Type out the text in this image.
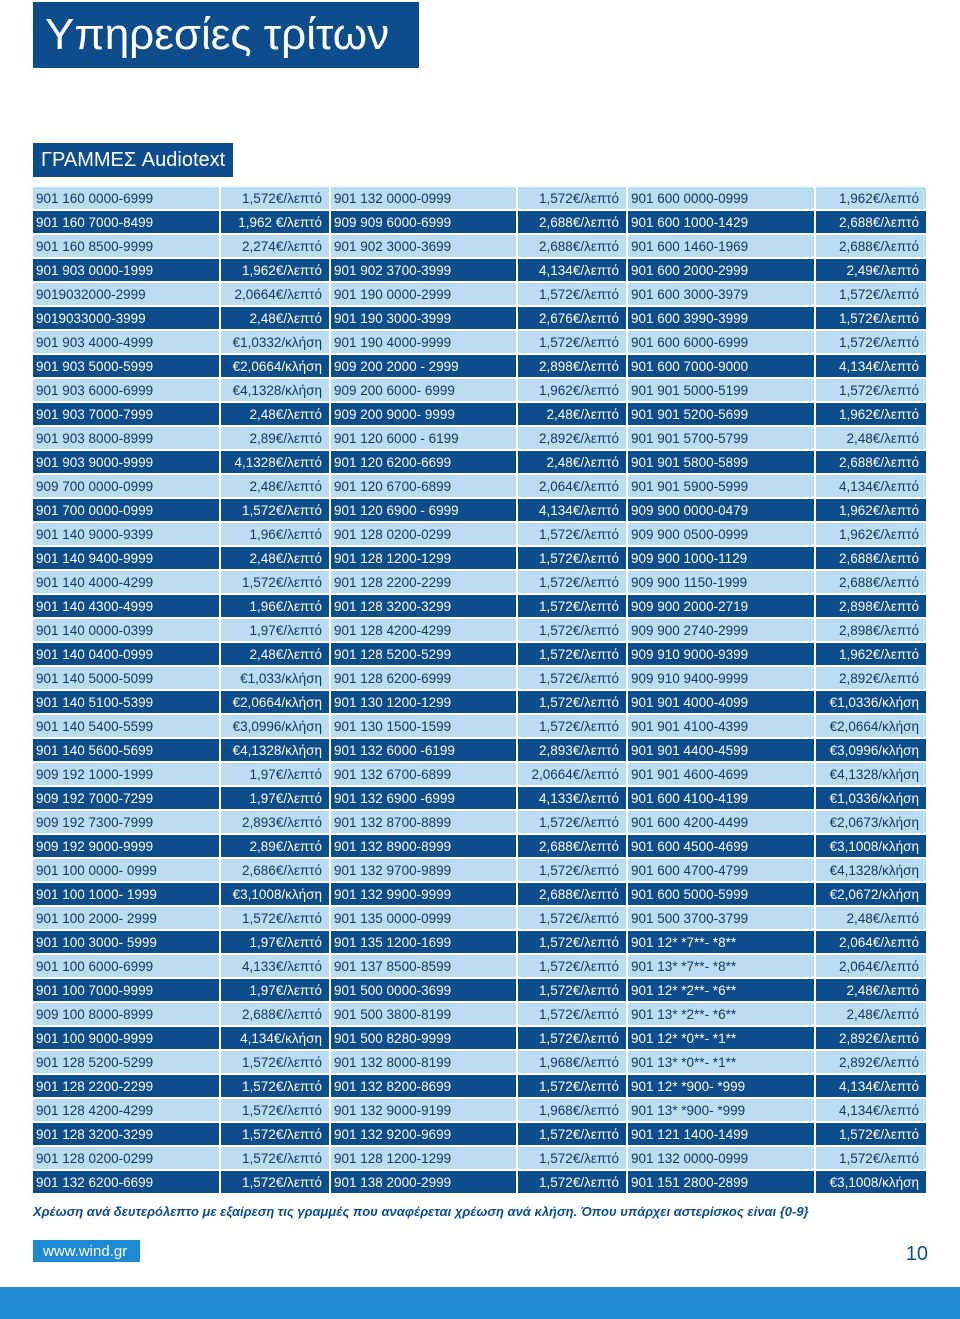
Υπηρεσίες τρίτων
ΓΡΑΜΜΕΣ Audiotext
901 160 0000-6999	1,572€/λεπτό	901 132 0000-0999	1,572€/λεπτό	901 600 0000-0999	1,962€/λεπτό
901 160 7000-8499	1,962 €/λεπτό	909 909 6000-6999	2,688€/λεπτό	901 600 1000-1429	2,688€/λεπτό
901 160 8500-9999	2,274€/λεπτό	901 902 3000-3699	2,688€/λεπτό	901 600 1460-1969	2,688€/λεπτό
901 903 0000-1999	1,962€/λεπτό	901 902 3700-3999	4,134€/λεπτό	901 600 2000-2999	2,49€/λεπτό
9019032000-2999	2,0664€/λεπτό	901 190 0000-2999	1,572€/λεπτό	901 600 3000-3979	1,572€/λεπτό
9019033000-3999	2,48€/λεπτό	901 190 3000-3999	2,676€/λεπτό	901 600 3990-3999	1,572€/λεπτό
901 903 4000-4999	€1,0332/κλήση	901 190 4000-9999	1,572€/λεπτό	901 600 6000-6999	1,572€/λεπτό
901 903 5000-5999	€2,0664/κλήση	909 200 2000 - 2999	2,898€/λεπτό	901 600 7000-9000	4,134€/λεπτό
901 903 6000-6999	€4,1328/κλήση	909 200 6000- 6999	1,962€/λεπτό	901 901 5000-5199	1,572€/λεπτό
901 903 7000-7999	2,48€/λεπτό	909 200 9000- 9999	2,48€/λεπτό	901 901 5200-5699	1,962€/λεπτό
901 903 8000-8999	2,89€/λεπτό	901 120 6000 - 6199	2,892€/λεπτό	901 901 5700-5799	2,48€/λεπτό
901 903 9000-9999	4,1328€/λεπτό	901 120 6200-6699	2,48€/λεπτό	901 901 5800-5899	2,688€/λεπτό
909 700 0000-0999	2,48€/λεπτό	901 120 6700-6899	2,064€/λεπτό	901 901 5900-5999	4,134€/λεπτό
901 700 0000-0999	1,572€/λεπτό	901 120 6900 - 6999	4,134€/λεπτό	909 900 0000-0479	1,962€/λεπτό
901 140 9000-9399	1,96€/λεπτό	901 128 0200-0299	1,572€/λεπτό	909 900 0500-0999	1,962€/λεπτό
901 140 9400-9999	2,48€/λεπτό	901 128 1200-1299	1,572€/λεπτό	909 900 1000-1129	2,688€/λεπτό
901 140 4000-4299	1,572€/λεπτό	901 128 2200-2299	1,572€/λεπτό	909 900 1150-1999	2,688€/λεπτό
901 140 4300-4999	1,96€/λεπτό	901 128 3200-3299	1,572€/λεπτό	909 900 2000-2719	2,898€/λεπτό
901 140 0000-0399	1,97€/λεπτό	901 128 4200-4299	1,572€/λεπτό	909 900 2740-2999	2,898€/λεπτό
901 140 0400-0999	2,48€/λεπτό	901 128 5200-5299	1,572€/λεπτό	909 910 9000-9399	1,962€/λεπτό
901 140 5000-5099	€1,033/κλήση	901 128 6200-6999	1,572€/λεπτό	909 910 9400-9999	2,892€/λεπτό
901 140 5100-5399	€2,0664/κλήση	901 130 1200-1299	1,572€/λεπτό	901 901 4000-4099	€1,0336/κλήση
901 140 5400-5599	€3,0996/κλήση	901 130 1500-1599	1,572€/λεπτό	901 901 4100-4399	€2,0664/κλήση
901 140 5600-5699	€4,1328/κλήση	901 132 6000 -6199	2,893€/λεπτό	901 901 4400-4599	€3,0996/κλήση
909 192 1000-1999	1,97€/λεπτό	901 132 6700-6899	2,0664€/λεπτό	901 901 4600-4699	€4,1328/κλήση
909 192 7000-7299	1,97€/λεπτό	901 132 6900 -6999	4,133€/λεπτό	901 600 4100-4199	€1,0336/κλήση
909 192 7300-7999	2,893€/λεπτό	901 132 8700-8899	1,572€/λεπτό	901 600 4200-4499	€2,0673/κλήση
909 192 9000-9999	2,89€/λεπτό	901 132 8900-8999	2,688€/λεπτό	901 600 4500-4699	€3,1008/κλήση
901 100 0000- 0999	2,686€/λεπτό	901 132 9700-9899	1,572€/λεπτό	901 600 4700-4799	€4,1328/κλήση
901 100 1000- 1999	€3,1008/κλήση	901 132 9900-9999	2,688€/λεπτό	901 600 5000-5999	€2,0672/κλήση
901 100 2000- 2999	1,572€/λεπτό	901 135 0000-0999	1,572€/λεπτό	901 500 3700-3799	2,48€/λεπτό
901 100 3000- 5999	1,97€/λεπτό	901 135 1200-1699	1,572€/λεπτό	901 12* *7**- *8**	2,064€/λεπτό
901 100 6000-6999	4,133€/λεπτό	901 137 8500-8599	1,572€/λεπτό	901 13* *7**- *8**	2,064€/λεπτό
901 100 7000-9999	1,97€/λεπτό	901 500 0000-3699	1,572€/λεπτό	901 12* *2**- *6**	2,48€/λεπτό
909 100 8000-8999	2,688€/λεπτό	901 500 3800-8199	1,572€/λεπτό	901 13* *2**- *6**	2,48€/λεπτό
901 100 9000-9999	4,134€/κλήση	901 500 8280-9999	1,572€/λεπτό	901 12* *0**- *1**	2,892€/λεπτό
901 128 5200-5299	1,572€/λεπτό	901 132 8000-8199	1,968€/λεπτό	901 13* *0**- *1**	2,892€/λεπτό
901 128 2200-2299	1,572€/λεπτό	901 132 8200-8699	1,572€/λεπτό	901 12* *900- *999	4,134€/λεπτό
901 128 4200-4299	1,572€/λεπτό	901 132 9000-9199	1,968€/λεπτό	901 13* *900- *999	4,134€/λεπτό
901 128 3200-3299	1,572€/λεπτό	901 132 9200-9699	1,572€/λεπτό	901 121 1400-1499	1,572€/λεπτό
901 128 0200-0299	1,572€/λεπτό	901 128 1200-1299	1,572€/λεπτό	901 132 0000-0999	1,572€/λεπτό
901 132 6200-6699	1,572€/λεπτό	901 138 2000-2999	1,572€/λεπτό	901 151 2800-2899	€3,1008/κλήση
Χρέωση ανά δευτερόλεπτο με εξαίρεση τις γραμμές που αναφέρεται χρέωση ανά κλήση. Όπου υπάρχει αστερίσκος είναι {0-9}
www.wind.gr	10
